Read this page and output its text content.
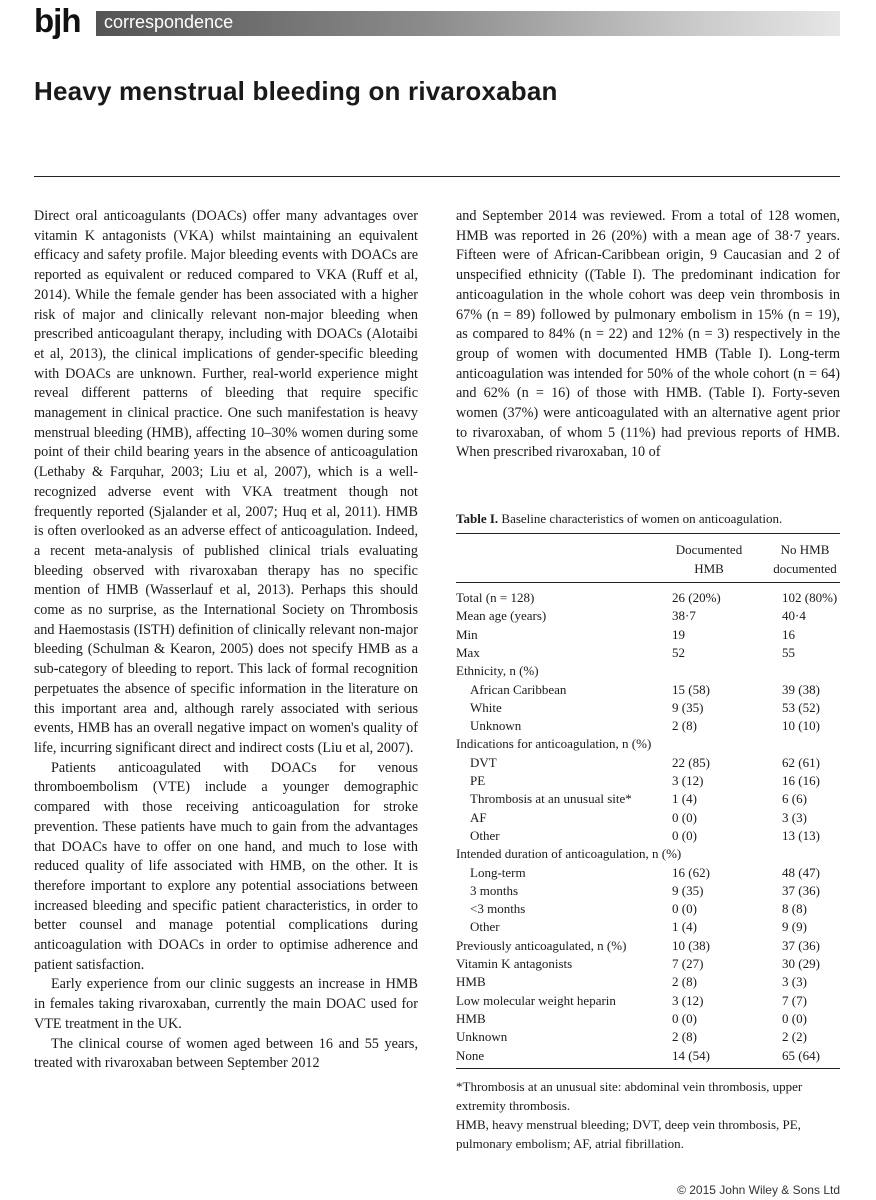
bjh correspondence
Heavy menstrual bleeding on rivaroxaban

Direct oral anticoagulants (DOACs) offer many advantages over vitamin K antagonists (VKA) whilst maintaining an equivalent efficacy and safety profile. Major bleeding events with DOACs are reported as equivalent or reduced compared to VKA (Ruff et al, 2014). While the female gender has been associated with a higher risk of major and clinically relevant non-major bleeding when prescribed anticoagulant therapy, including with DOACs (Alotaibi et al, 2013), the clinical implications of gender-specific bleeding with DOACs are unknown. Further, real-world experience might reveal different patterns of bleeding that require specific management in clinical practice. One such manifestation is heavy menstrual bleeding (HMB), affecting 10–30% women during some point of their child bearing years in the absence of anticoagulation (Lethaby & Farquhar, 2003; Liu et al, 2007), which is a well-recognized adverse event with VKA treatment though not frequently reported (Sjalander et al, 2007; Huq et al, 2011). HMB is often overlooked as an adverse effect of anticoagulation. Indeed, a recent meta-analysis of published clinical trials evaluating bleeding observed with rivaroxaban therapy has no specific mention of HMB (Wasserlauf et al, 2013). Perhaps this should come as no surprise, as the International Society on Thrombosis and Haemostasis (ISTH) definition of clinically relevant non-major bleeding (Schulman & Kearon, 2005) does not specify HMB as a sub-category of bleeding to report. This lack of formal recognition perpetuates the absence of specific information in the literature on this important area and, although rarely associated with serious events, HMB has an overall negative impact on women's quality of life, incurring significant direct and indirect costs (Liu et al, 2007).

Patients anticoagulated with DOACs for venous thromboembolism (VTE) include a younger demographic compared with those receiving anticoagulation for stroke prevention. These patients have much to gain from the advantages that DOACs have to offer on one hand, and much to lose with reduced quality of life associated with HMB, on the other. It is therefore important to explore any potential associations between increased bleeding and specific patient characteristics, in order to better counsel and manage potential complications during anticoagulation with DOACs in order to optimise adherence and patient satisfaction.

Early experience from our clinic suggests an increase in HMB in females taking rivaroxaban, currently the main DOAC used for VTE treatment in the UK.

The clinical course of women aged between 16 and 55 years, treated with rivaroxaban between September 2012

and September 2014 was reviewed. From a total of 128 women, HMB was reported in 26 (20%) with a mean age of 38·7 years. Fifteen were of African-Caribbean origin, 9 Caucasian and 2 of unspecified ethnicity ((Table I). The predominant indication for anticoagulation in the whole cohort was deep vein thrombosis in 67% (n = 89) followed by pulmonary embolism in 15% (n = 19), as compared to 84% (n = 22) and 12% (n = 3) respectively in the group of women with documented HMB (Table I). Long-term anticoagulation was intended for 50% of the whole cohort (n = 64) and 62% (n = 16) of those with HMB. (Table I). Forty-seven women (37%) were anticoagulated with an alternative agent prior to rivaroxaban, of whom 5 (11%) had previous reports of HMB. When prescribed rivaroxaban, 10 of

Table I. Baseline characteristics of women on anticoagulation.
Documented
HMB
No HMB
documented
Total (n = 128)	26 (20%)	102 (80%)
Mean age (years)	38·7	40·4
Min	19	16
Max	52	55
Ethnicity, n (%)
African Caribbean	15 (58)	39 (38)
White	9 (35)	53 (52)
Unknown	2 (8)	10 (10)
Indications for anticoagulation, n (%)
DVT	22 (85)	62 (61)
PE	3 (12)	16 (16)
Thrombosis at an unusual site*	1 (4)	6 (6)
AF	0 (0)	3 (3)
Other	0 (0)	13 (13)
Intended duration of anticoagulation, n (%)
Long-term	16 (62)	48 (47)
3 months	9 (35)	37 (36)
<3 months	0 (0)	8 (8)
Other	1 (4)	9 (9)
Previously anticoagulated, n (%)	10 (38)	37 (36)
Vitamin K antagonists	7 (27)	30 (29)
HMB	2 (8)	3 (3)
Low molecular weight heparin	3 (12)	7 (7)
HMB	0 (0)	0 (0)
Unknown	2 (8)	2 (2)
None	14 (54)	65 (64)

*Thrombosis at an unusual site: abdominal vein thrombosis, upper extremity thrombosis.

HMB, heavy menstrual bleeding; DVT, deep vein thrombosis, PE, pulmonary embolism; AF, atrial fibrillation.

© 2015 John Wiley & Sons Ltd
